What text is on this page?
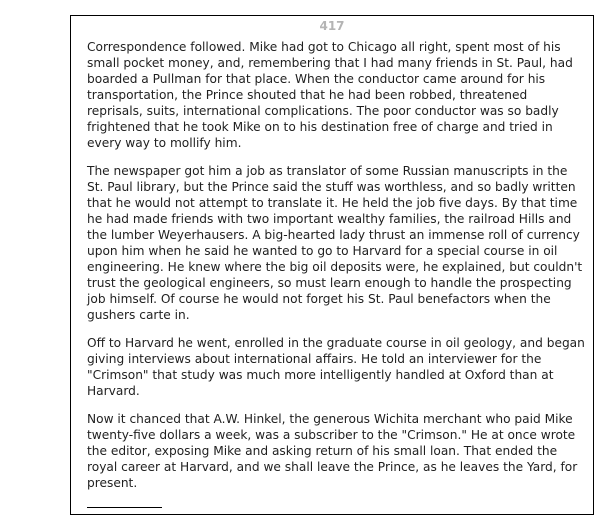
417

Correspondence followed. Mike had got to Chicago all right, spent most of his small pocket money, and, remembering that I had many friends in St. Paul, had boarded a Pullman for that place. When the conductor came around for his transportation, the Prince shouted that he had been robbed, threatened reprisals, suits, international complications. The poor conductor was so badly frightened that he took Mike on to his destination free of charge and tried in every way to mollify him.

The newspaper got him a job as translator of some Russian manuscripts in the St. Paul library, but the Prince said the stuff was worthless, and so badly written that he would not attempt to translate it. He held the job five days. By that time he had made friends with two important wealthy families, the railroad Hills and the lumber Weyerhausers. A big-hearted lady thrust an immense roll of currency upon him when he said he wanted to go to Harvard for a special course in oil engineering. He knew where the big oil deposits were, he explained, but couldn't trust the geological engineers, so must learn enough to handle the prospecting job himself. Of course he would not forget his St. Paul benefactors when the gushers carte in.

Off to Harvard he went, enrolled in the graduate course in oil geology, and began giving interviews about international affairs. He told an interviewer for the "Crimson" that study was much more intelligently handled at Oxford than at Harvard.

Now it chanced that A.W. Hinkel, the generous Wichita merchant who paid Mike twenty-five dollars a week, was a subscriber to the "Crimson." He at once wrote the editor, exposing Mike and asking return of his small loan. That ended the royal career at Harvard, and we shall leave the Prince, as he leaves the Yard, for present.
